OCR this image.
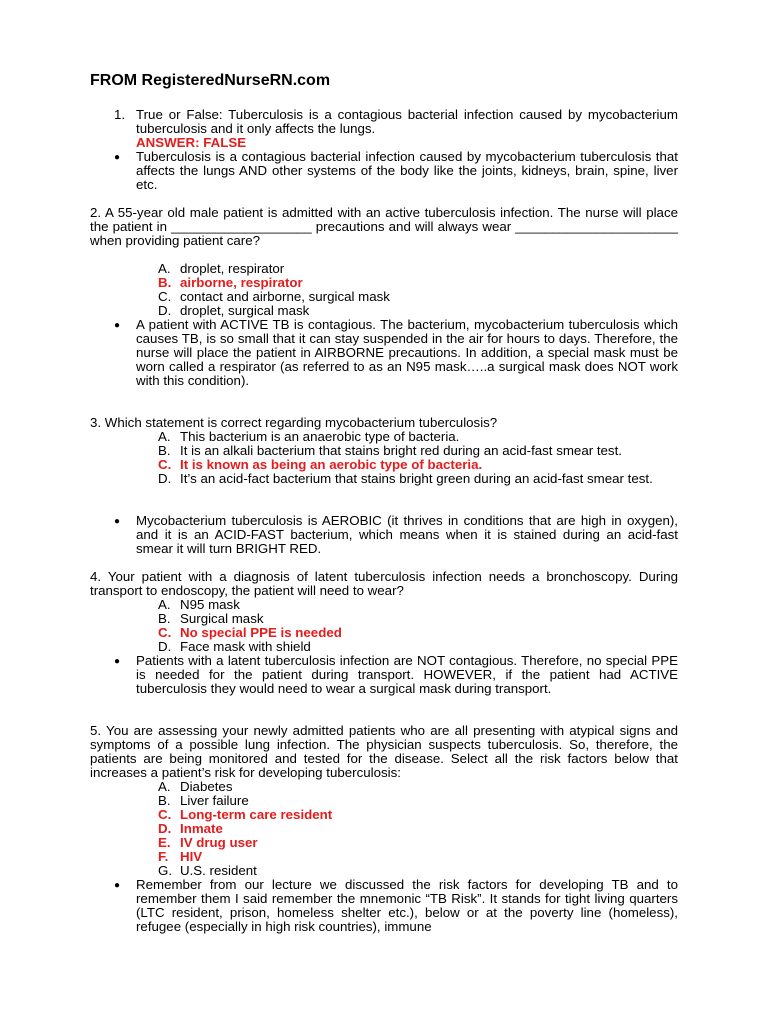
FROM RegisteredNurseRN.com
1. True or False: Tuberculosis is a contagious bacterial infection caused by mycobacterium tuberculosis and it only affects the lungs.
ANSWER: FALSE
● Tuberculosis is a contagious bacterial infection caused by mycobacterium tuberculosis that affects the lungs AND other systems of the body like the joints, kidneys, brain, spine, liver etc.
2. A 55-year old male patient is admitted with an active tuberculosis infection. The nurse will place the patient in ___________________ precautions and will always wear ______________________ when providing patient care?
A. droplet, respirator
B. airborne, respirator
C. contact and airborne, surgical mask
D. droplet, surgical mask
● A patient with ACTIVE TB is contagious. The bacterium, mycobacterium tuberculosis which causes TB, is so small that it can stay suspended in the air for hours to days. Therefore, the nurse will place the patient in AIRBORNE precautions. In addition, a special mask must be worn called a respirator (as referred to as an N95 mask…..a surgical mask does NOT work with this condition).
3. Which statement is correct regarding mycobacterium tuberculosis?
A. This bacterium is an anaerobic type of bacteria.
B. It is an alkali bacterium that stains bright red during an acid-fast smear test.
C. It is known as being an aerobic type of bacteria.
D. It’s an acid-fact bacterium that stains bright green during an acid-fast smear test.
● Mycobacterium tuberculosis is AEROBIC (it thrives in conditions that are high in oxygen), and it is an ACID-FAST bacterium, which means when it is stained during an acid-fast smear it will turn BRIGHT RED.
4. Your patient with a diagnosis of latent tuberculosis infection needs a bronchoscopy. During transport to endoscopy, the patient will need to wear?
A. N95 mask
B. Surgical mask
C. No special PPE is needed
D. Face mask with shield
● Patients with a latent tuberculosis infection are NOT contagious. Therefore, no special PPE is needed for the patient during transport. HOWEVER, if the patient had ACTIVE tuberculosis they would need to wear a surgical mask during transport.
5. You are assessing your newly admitted patients who are all presenting with atypical signs and symptoms of a possible lung infection. The physician suspects tuberculosis. So, therefore, the patients are being monitored and tested for the disease. Select all the risk factors below that increases a patient’s risk for developing tuberculosis:
A. Diabetes
B. Liver failure
C. Long-term care resident
D. Inmate
E. IV drug user
F. HIV
G. U.S. resident
● Remember from our lecture we discussed the risk factors for developing TB and to remember them I said remember the mnemonic “TB Risk”. It stands for tight living quarters (LTC resident, prison, homeless shelter etc.), below or at the poverty line (homeless), refugee (especially in high risk countries), immune
